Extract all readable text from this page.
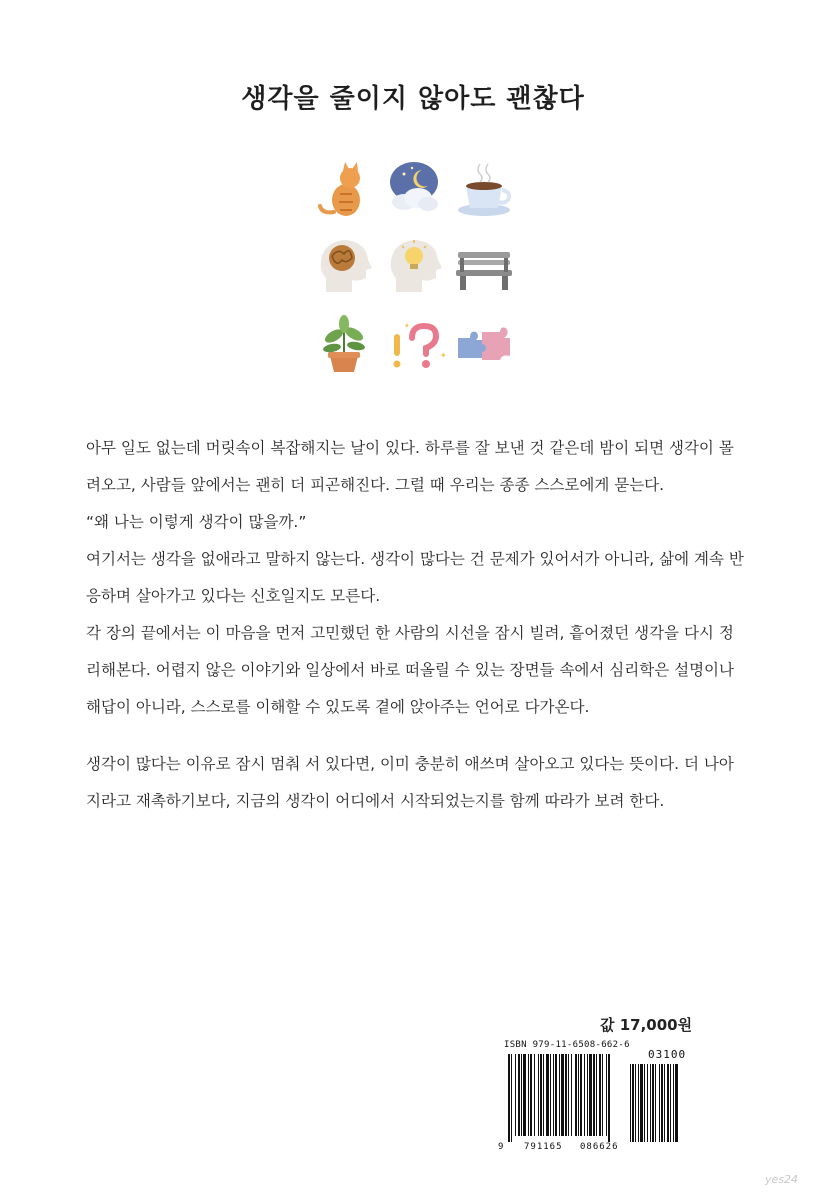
생각을 줄이지 않아도 괜찮다
✦
✦

아무 일도 없는데 머릿속이 복잡해지는 날이 있다. 하루를 잘 보낸 것 같은데 밤이 되면 생각이 몰려오고, 사람들 앞에서는 괜히 더 피곤해진다. 그럴 때 우리는 종종 스스로에게 묻는다.

“왜 나는 이렇게 생각이 많을까.”

여기서는 생각을 없애라고 말하지 않는다. 생각이 많다는 건 문제가 있어서가 아니라, 삶에 계속 반응하며 살아가고 있다는 신호일지도 모른다.

각 장의 끝에서는 이 마음을 먼저 고민했던 한 사람의 시선을 잠시 빌려, 흩어졌던 생각을 다시 정리해본다. 어렵지 않은 이야기와 일상에서 바로 떠올릴 수 있는 장면들 속에서 심리학은 설명이나 해답이 아니라, 스스로를 이해할 수 있도록 곁에 앉아주는 언어로 다가온다.

생각이 많다는 이유로 잠시 멈춰 서 있다면, 이미 충분히 애쓰며 살아오고 있다는 뜻이다. 더 나아지라고 재촉하기보다, 지금의 생각이 어디에서 시작되었는지를 함께 따라가 보려 한다.

값 17,000원
ISBN 979-11-6508-662-6
03100
9 791165 086626
yes24
